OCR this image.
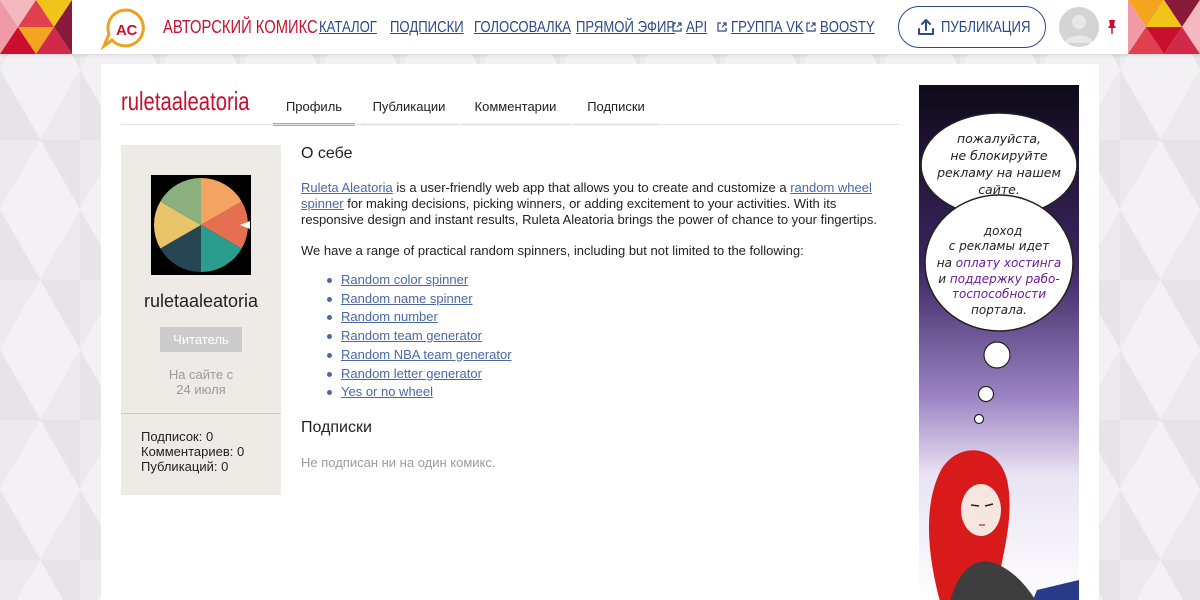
АС АВТОРСКИЙ КОМИКС КАТАЛОГ ПОДПИСКИ ГОЛОСОВАЛКА ПРЯМОЙ ЭФИР API ГРУППА VK BOOSTY	ПУБЛИКАЦИЯ
ruletaaleatoria	Профиль	Публикации	Комментарии	Подписки
ruletaaleatoria
Читатель
На сайте с
24 июля
Подписок: 0
Комментариев: 0
Публикаций: 0
О себе

Ruleta Aleatoria is a user-friendly web app that allows you to create and customize a random wheel spinner for making decisions, picking winners, or adding excitement to your activities. With its responsive design and instant results, Ruleta Aleatoria brings the power of chance to your fingertips.

We have a range of practical random spinners, including but not limited to the following:

Random color spinner
Random name spinner
Random number
Random team generator
Random NBA team generator
Random letter generator
Yes or no wheel
Подписки
Не подписан ни на один комикс.
пожалуйста,
не блокируйте
рекламу на нашем
сайте.
доход
с рекламы идет
на оплату хостинга
и поддержку рабо-
тоспособности
портала.
